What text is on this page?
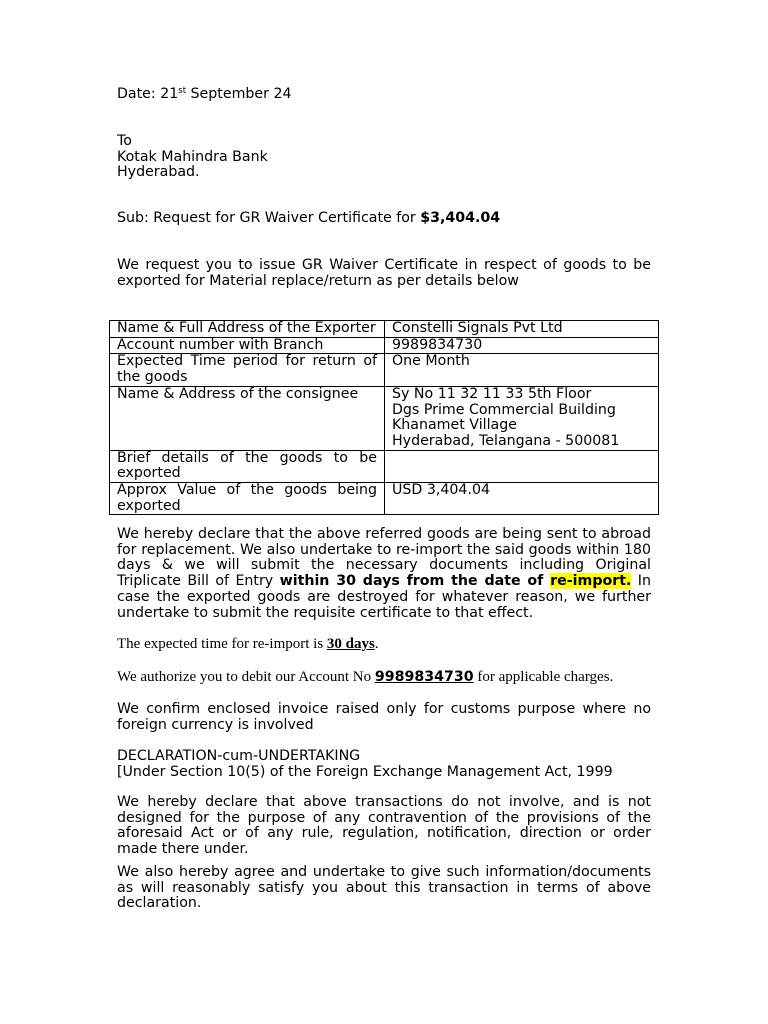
Date: 21st September 24
To
Kotak Mahindra Bank
Hyderabad.
Sub: Request for GR Waiver Certificate for $3,404.04
We request you to issue GR Waiver Certificate in respect of goods to be exported for Material replace/return as per details below
Name & Full Address of the Exporter	Constelli Signals Pvt Ltd

Account number with Branch	9989834730

Expected Time period for return of the goods	One Month

Name & Address of the consignee	Sy No 11 32 11 33 5th Floor
Dgs Prime Commercial Building
Khanamet Village
Hyderabad, Telangana - 500081

Brief details of the goods to be exported	
Approx Value of the goods being exported	USD 3,404.04
We hereby declare that the above referred goods are being sent to abroad for replacement. We also undertake to re-import the said goods within 180 days & we will submit the necessary documents including Original Triplicate Bill of Entry within 30 days from the date of re-import. In case the exported goods are destroyed for whatever reason, we further undertake to submit the requisite certificate to that effect.
The expected time for re-import is 30 days.
We authorize you to debit our Account No 9989834730 for applicable charges.
We confirm enclosed invoice raised only for customs purpose where no foreign currency is involved
DECLARATION-cum-UNDERTAKING
[Under Section 10(5) of the Foreign Exchange Management Act, 1999
We hereby declare that above transactions do not involve, and is not designed for the purpose of any contravention of the provisions of the aforesaid Act or of any rule, regulation, notification, direction or order made there under.
We also hereby agree and undertake to give such information/documents as will reasonably satisfy you about this transaction in terms of above declaration.
